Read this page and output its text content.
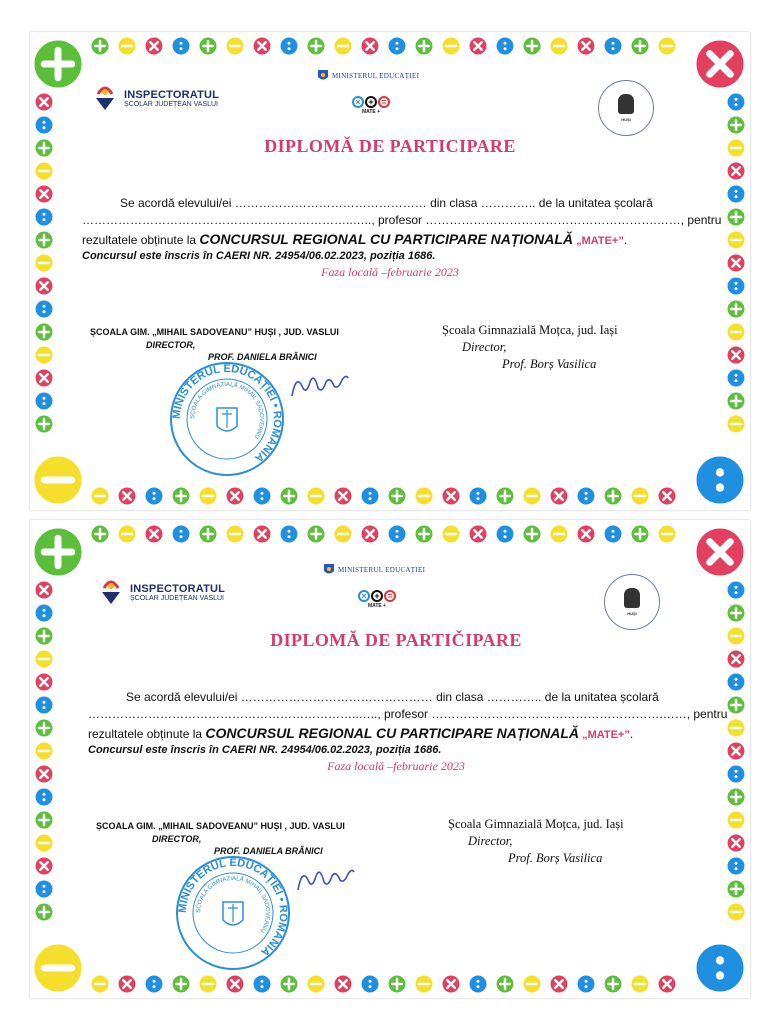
INSPECTORATUL
ȘCOLAR JUDEȚEAN VASLUI
MINISTERUL EDUCAȚIEI
× + =
MATE +
HUȘI
DIPLOMĂ DE PARTICIPARE
Se acordă elevului/ei ………………………………………… din clasa ………….. de la unitatea școlară
…………………………………………………………..….., profesor ………………………………………………….……, pentru
rezultatele obținute la CONCURSUL REGIONAL CU PARTICIPARE NAȚIONALĂ „MATE+”.
Concursul este înscris în CAERI NR. 24954/06.02.2023, poziția 1686.
Faza locală –februarie 2023
ȘCOALA GIM. „MIHAIL SADOVEANU” HUȘI , JUD. VASLUI
DIRECTOR,
PROF. DANIELA BRĂNICI
MINISTERUL EDUCAȚIEI • ROMÂNIA
ȘCOALA GIMNAZIALĂ MIHAIL SADOVEANU
Școala Gimnazială Moțca, jud. Iași
Director,
Prof. Borș Vasilica
INSPECTORATUL
ȘCOLAR JUDEȚEAN VASLUI
MINISTERUL EDUCAȚIEI
× + =
MATE +
HUȘI
DIPLOMĂ DE PARTIČIPARE
Se acordă elevului/ei ………………………………………… din clasa ………….. de la unitatea școlară
…………………………………………………………..….., profesor ………………………………………………….……, pentru
rezultatele obținute la CONCURSUL REGIONAL CU PARTICIPARE NAȚIONALĂ „MATE+”.
Concursul este înscris în CAERI NR. 24954/06.02.2023, poziția 1686.
Faza locală –februarie 2023
ȘCOALA GIM. „MIHAIL SADOVEANU” HUȘI , JUD. VASLUI
DIRECTOR,
PROF. DANIELA BRĂNICI
MINISTERUL EDUCAȚIEI • ROMÂNIA
ȘCOALA GIMNAZIALĂ MIHAIL SADOVEANU
Școala Gimnazială Moțca, jud. Iași
Director,
Prof. Borș Vasilica
